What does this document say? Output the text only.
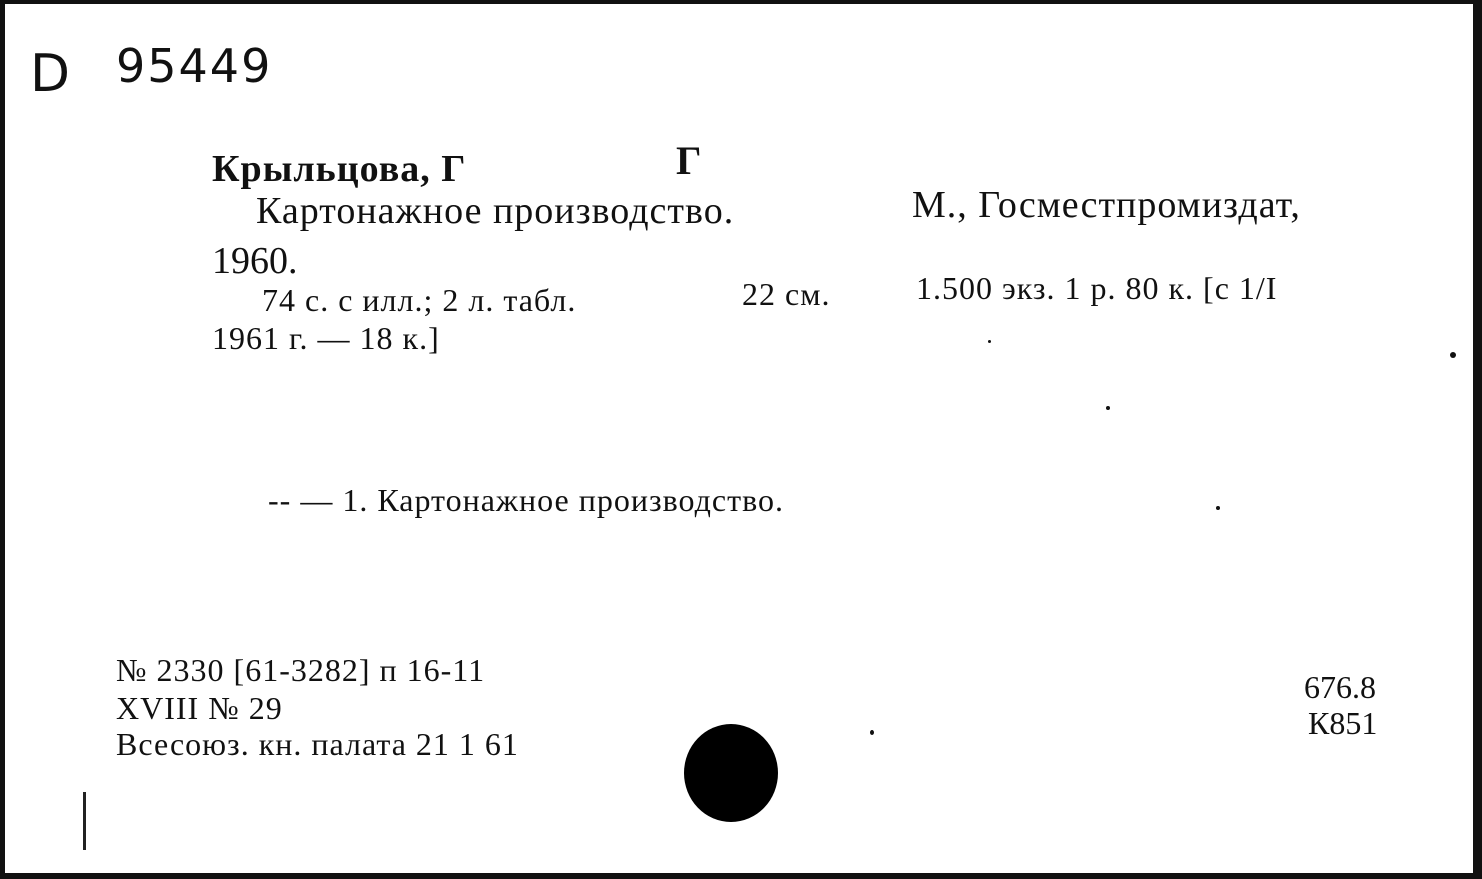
D 95449
Крыльцова, Г	Г
Картонажное производство.	М., Госместпромиздат,
1960.
74 с. с илл.; 2 л. табл.	22 см.	1.500 экз. 1 р. 80 к. [с 1/I
1961 г. — 18 к.]
-- — 1. Картонажное производство.
№ 2330 [61-3282] п 16-11
XVIII № 29
Всесоюз. кн. палата 21 1 61
676.8
К851
